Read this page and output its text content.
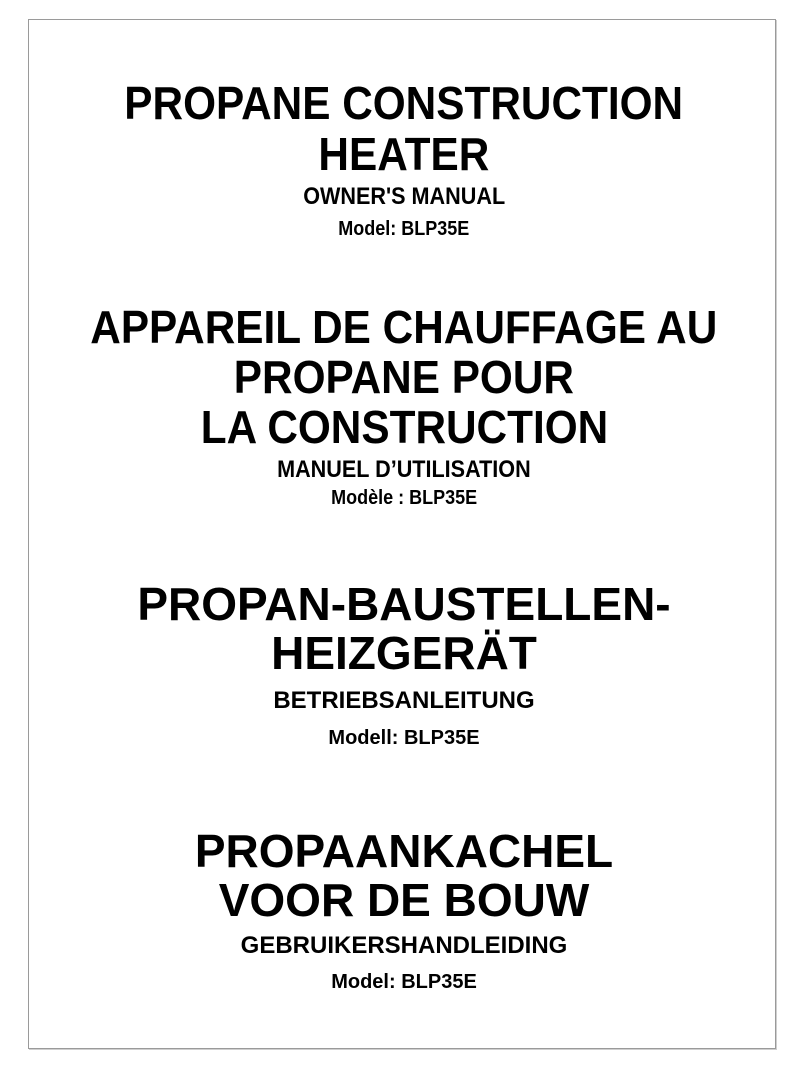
PROPANE CONSTRUCTION
HEATER
OWNER'S MANUAL
Model: BLP35E
APPAREIL DE CHAUFFAGE AU
PROPANE POUR
LA CONSTRUCTION
MANUEL D’UTILISATION
Modèle : BLP35E
PROPAN-BAUSTELLEN-
HEIZGERÄT
BETRIEBSANLEITUNG
Modell: BLP35E
PROPAANKACHEL
VOOR DE BOUW
GEBRUIKERSHANDLEIDING
Model: BLP35E
